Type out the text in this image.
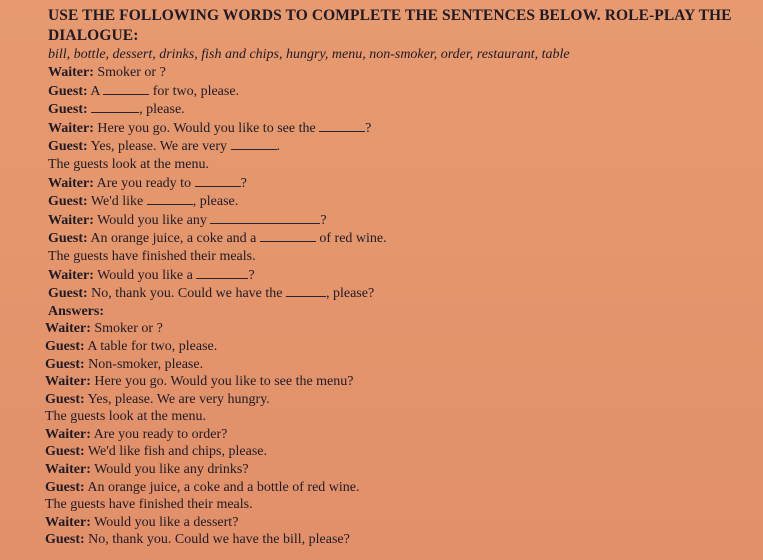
USE THE FOLLOWING WORDS TO COMPLETE THE SENTENCES BELOW. ROLE-PLAY THE DIALOGUE:
bill, bottle, dessert, drinks, fish and chips, hungry, menu, non-smoker, order, restaurant, table
Waiter: Smoker or ?
Guest: A	for two, please.
Guest:	, please.
Waiter: Here you go. Would you like to see the	?
Guest: Yes, please. We are very	.
The guests look at the menu.
Waiter: Are you ready to	?
Guest: We'd like	, please.
Waiter: Would you like any	?
Guest: An orange juice, a coke and a	of red wine.
The guests have finished their meals.
Waiter: Would you like a	?
Guest: No, thank you. Could we have the	, please?
Answers:
Waiter: Smoker or ?
Guest: A table for two, please.
Guest: Non-smoker, please.
Waiter: Here you go. Would you like to see the menu?
Guest: Yes, please. We are very hungry.
The guests look at the menu.
Waiter: Are you ready to order?
Guest: We'd like fish and chips, please.
Waiter: Would you like any drinks?
Guest: An orange juice, a coke and a bottle of red wine.
The guests have finished their meals.
Waiter: Would you like a dessert?
Guest: No, thank you. Could we have the bill, please?
